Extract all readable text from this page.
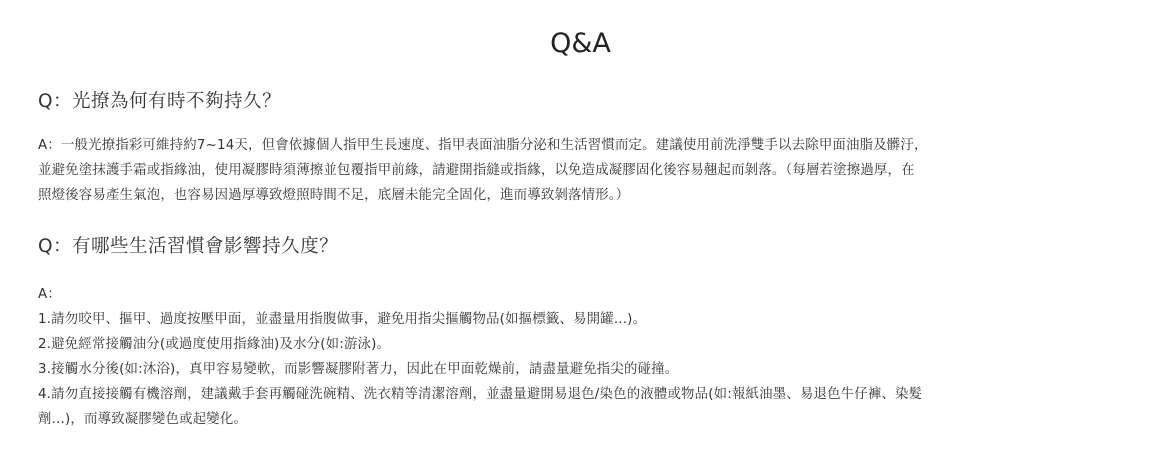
Q&A
Q：光撩為何有時不夠持久？

A：一般光撩指彩可維持約7~14天，但會依據個人指甲生長速度、指甲表面油脂分泌和生活習慣而定。建議使用前洗淨雙手以去除甲面油脂及髒汙，

並避免塗抹護手霜或指緣油，使用凝膠時須薄擦並包覆指甲前緣，請避開指縫或指緣，以免造成凝膠固化後容易翹起而剝落。（每層若塗擦過厚，在

照燈後容易產生氣泡，也容易因過厚導致燈照時間不足，底層未能完全固化，進而導致剝落情形。）

Q：有哪些生活習慣會影響持久度？

A：

1.請勿咬甲、摳甲、過度按壓甲面，並盡量用指腹做事，避免用指尖摳觸物品(如摳標籤、易開罐...)。

2.避免經常接觸油分(或過度使用指緣油)及水分(如:游泳)。

3.接觸水分後(如:沐浴)，真甲容易變軟，而影響凝膠附著力，因此在甲面乾燥前，請盡量避免指尖的碰撞。

4.請勿直接接觸有機溶劑，建議戴手套再觸碰洗碗精、洗衣精等清潔溶劑，並盡量避開易退色/染色的液體或物品(如:報紙油墨、易退色牛仔褲、染髮

劑...)，而導致凝膠變色或起變化。
